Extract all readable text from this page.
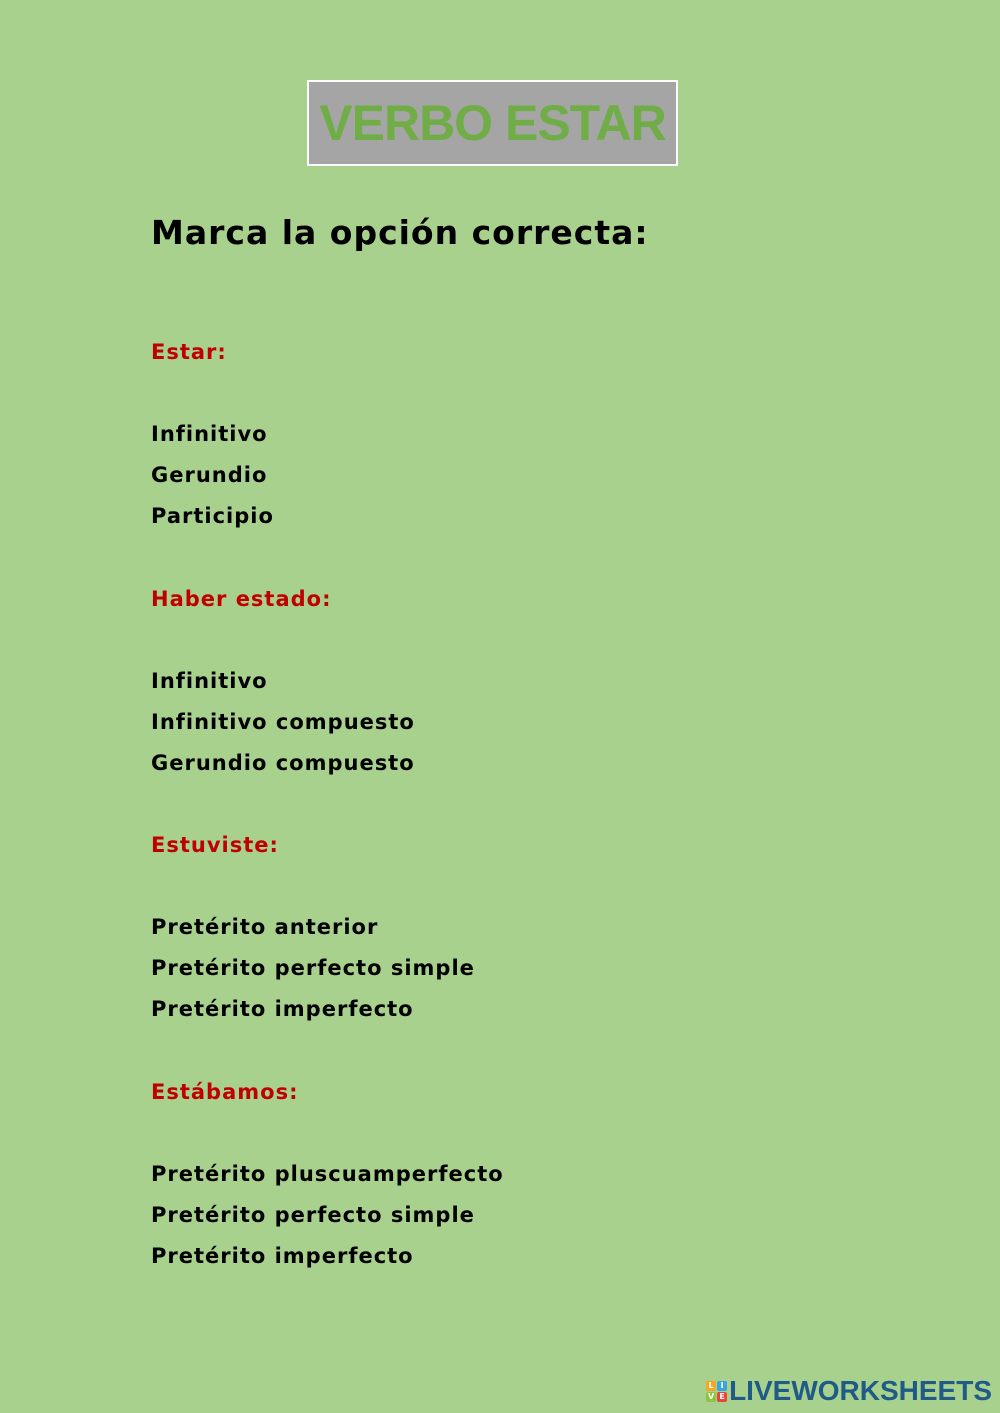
VERBO ESTAR
Marca la opción correcta:
Estar:
Infinitivo
Gerundio
Participio
Haber estado:
Infinitivo
Infinitivo compuesto
Gerundio compuesto
Estuviste:
Pretérito anterior
Pretérito perfecto simple
Pretérito imperfecto
Estábamos:
Pretérito pluscuamperfecto
Pretérito perfecto simple
Pretérito imperfecto
L I
V E LIVEWORKSHEETS
